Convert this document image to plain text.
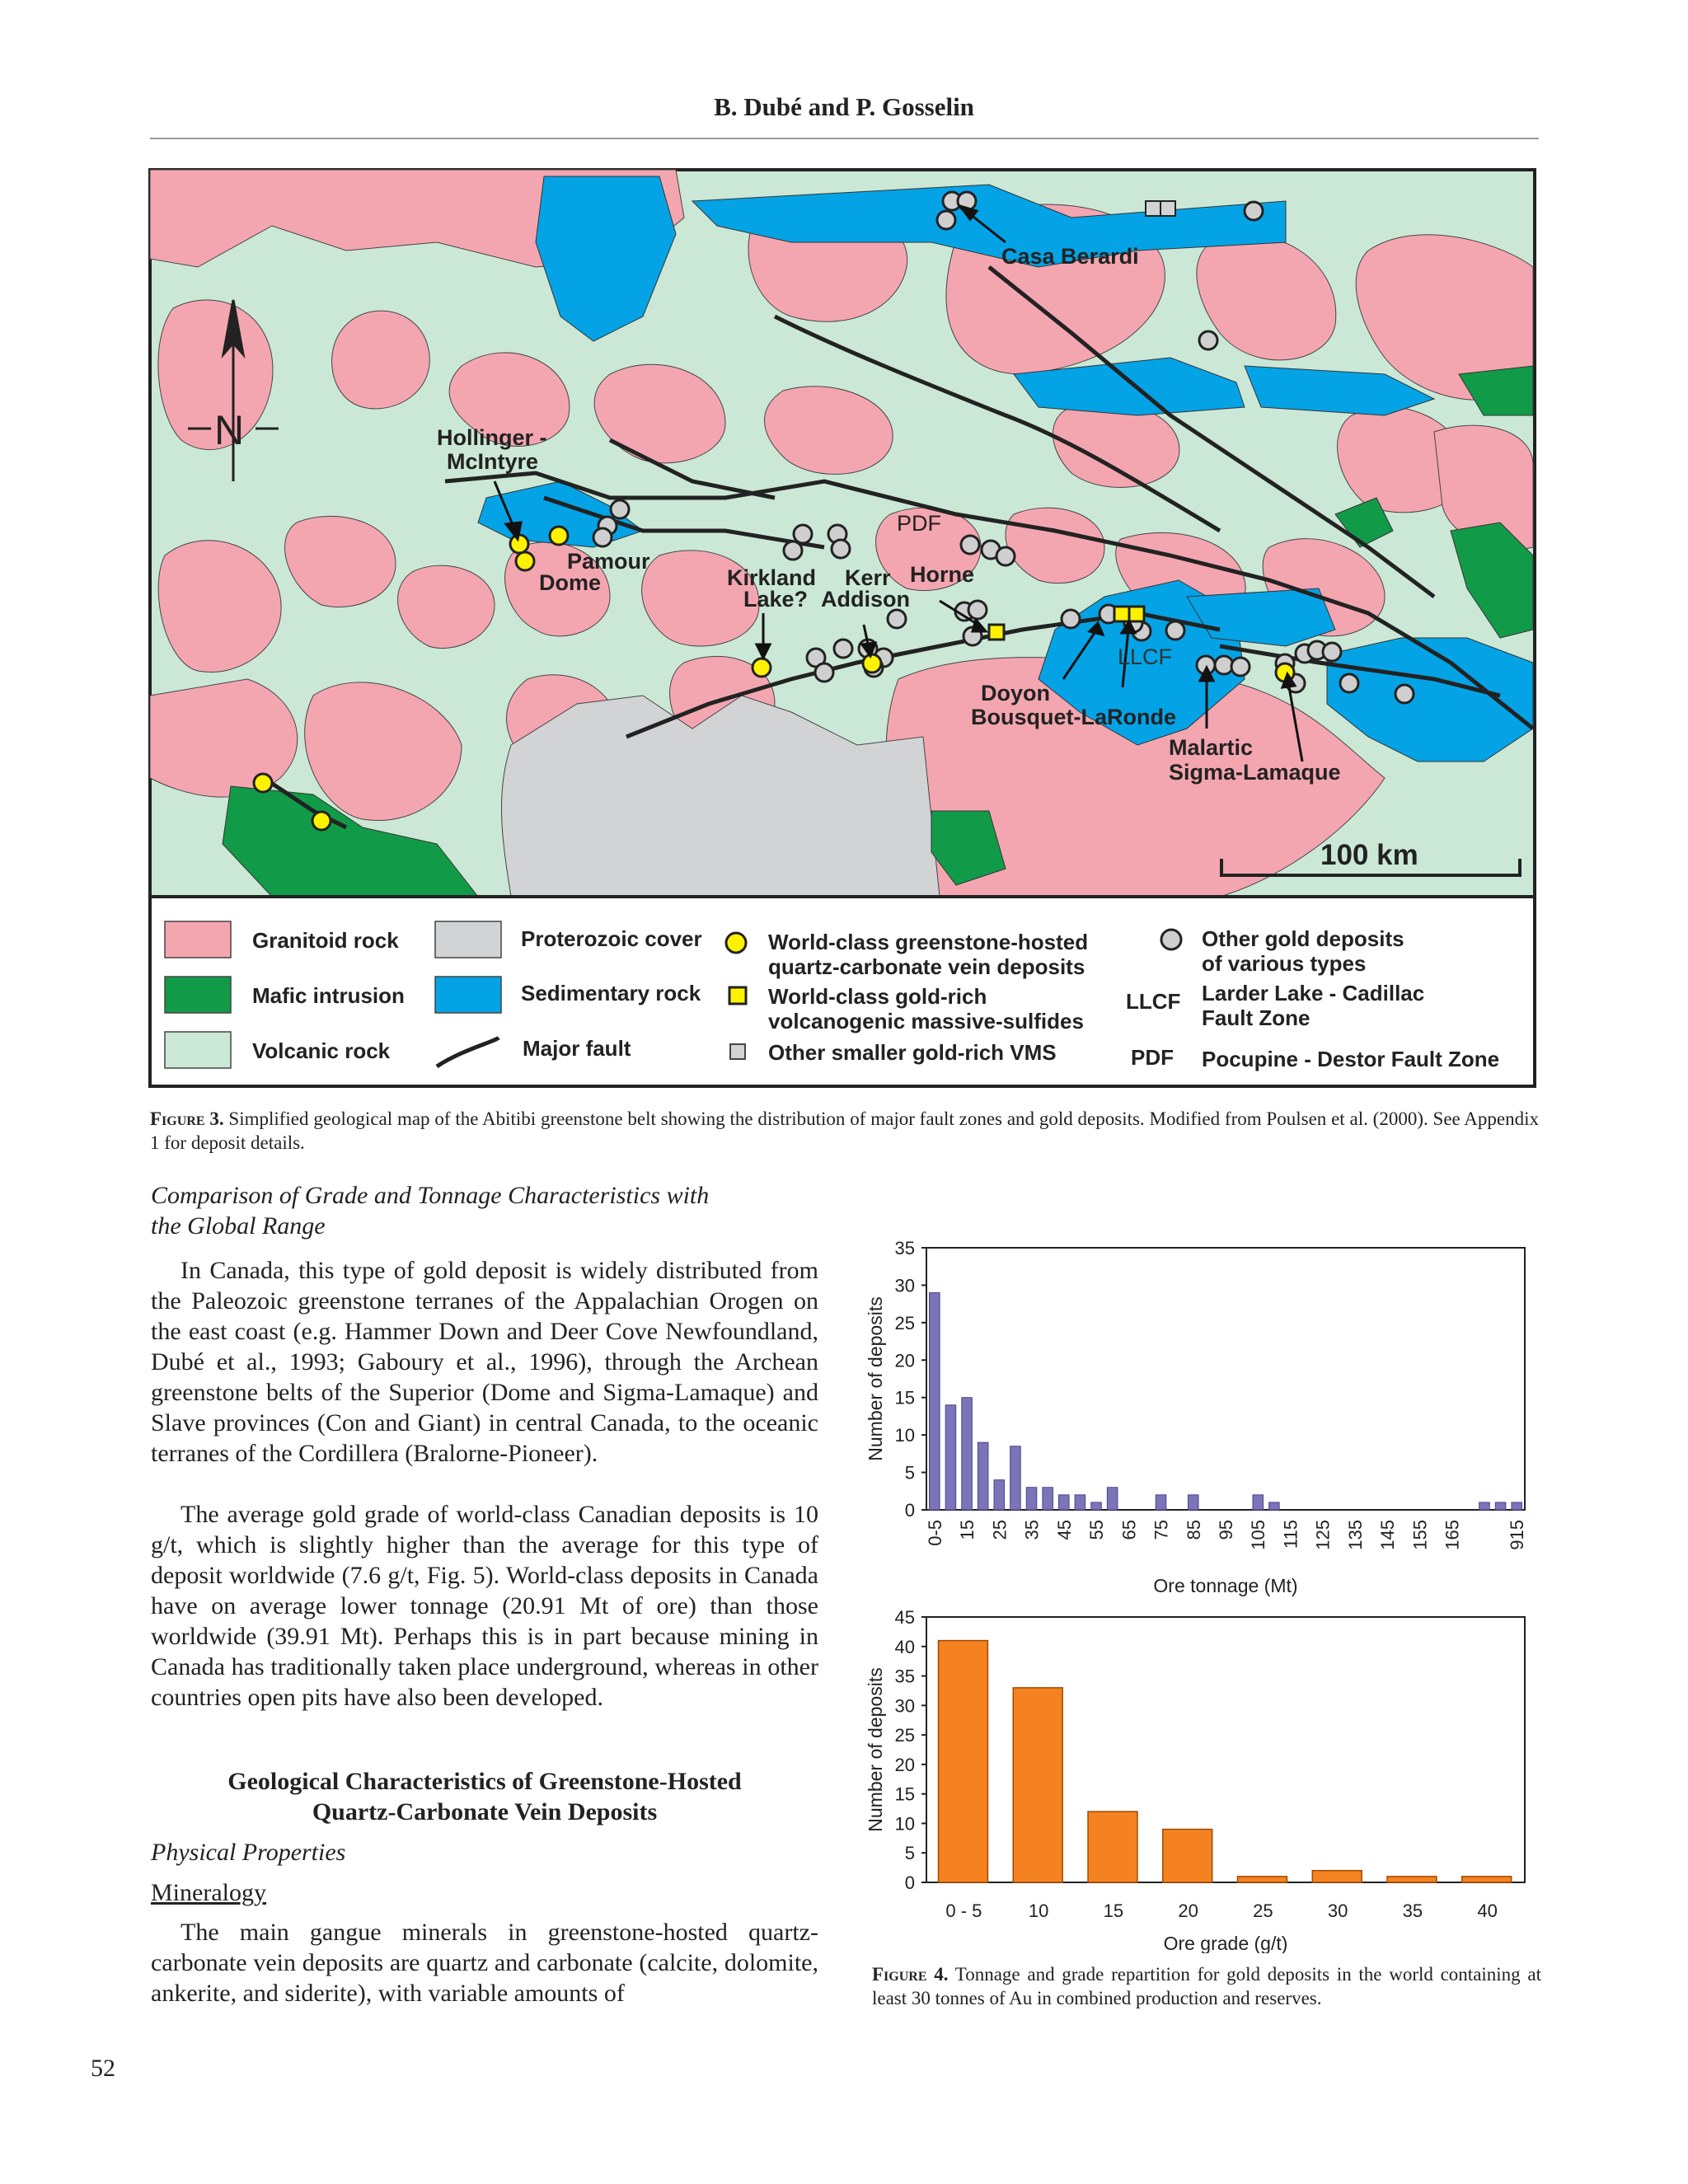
B. Dubé and P. Gosselin
Casa Berardi
Hollinger -
McIntyre
Pamour
Dome	Kirkland
Lake?
Kerr
Addison
Horne
Doyon
Bousquet-LaRonde
Malartic
Sigma-Lamaque
PDF
LLCF
N
100 km
Granitoid rock
Mafic intrusion
Volcanic rock
Proterozoic cover
Sedimentary rock
Major fault
World-class greenstone-hosted
quartz-carbonate vein deposits
World-class gold-rich
volcanogenic massive-sulfides
Other smaller gold-rich VMS
Other gold deposits
of various types
LLCF Larder Lake - Cadillac
Fault Zone
PDF Pocupine - Destor Fault Zone
Figure 3. Simplified geological map of the Abitibi greenstone belt showing the distribution of major fault zones and gold deposits. Modified from Poulsen et al. (2000). See Appendix 1 for deposit details.
Comparison of Grade and Tonnage Characteristics with
the Global Range
In Canada, this type of gold deposit is widely distributed from the Paleozoic greenstone terranes of the Appalachian Orogen on the east coast (e.g. Hammer Down and Deer Cove Newfoundland, Dubé et al., 1993; Gaboury et al., 1996), through the Archean greenstone belts of the Superior (Dome and Sigma-Lamaque) and Slave provinces (Con and Giant) in central Canada, to the oceanic terranes of the Cordillera (Bralorne-Pioneer).
The average gold grade of world-class Canadian deposits is 10 g/t, which is slightly higher than the average for this type of deposit worldwide (7.6 g/t, Fig. 5). World-class deposits in Canada have on average lower tonnage (20.91 Mt of ore) than those worldwide (39.91 Mt). Perhaps this is in part because mining in Canada has traditionally taken place underground, whereas in other countries open pits have also been developed.
Geological Characteristics of Greenstone-Hosted
Quartz-Carbonate Vein Deposits
Physical Properties
Mineralogy
The main gangue minerals in greenstone-hosted quartz-carbonate vein deposits are quartz and carbonate (calcite, dolomite, ankerite, and siderite), with variable amounts of
0
5
10
15
20
25
30
35
0-5 15 25 35 45 55 65 75 85 95 105 115 125 135 145 155 165 915
Ore tonnage (Mt)
Number of deposits
0
5
10
15
20
25
30
35
40
45
0 - 5	10	15	20	25	30	35	40
Ore grade (g/t)
Number of deposits
Figure 4. Tonnage and grade repartition for gold deposits in the world containing at least 30 tonnes of Au in combined production and reserves.
52
